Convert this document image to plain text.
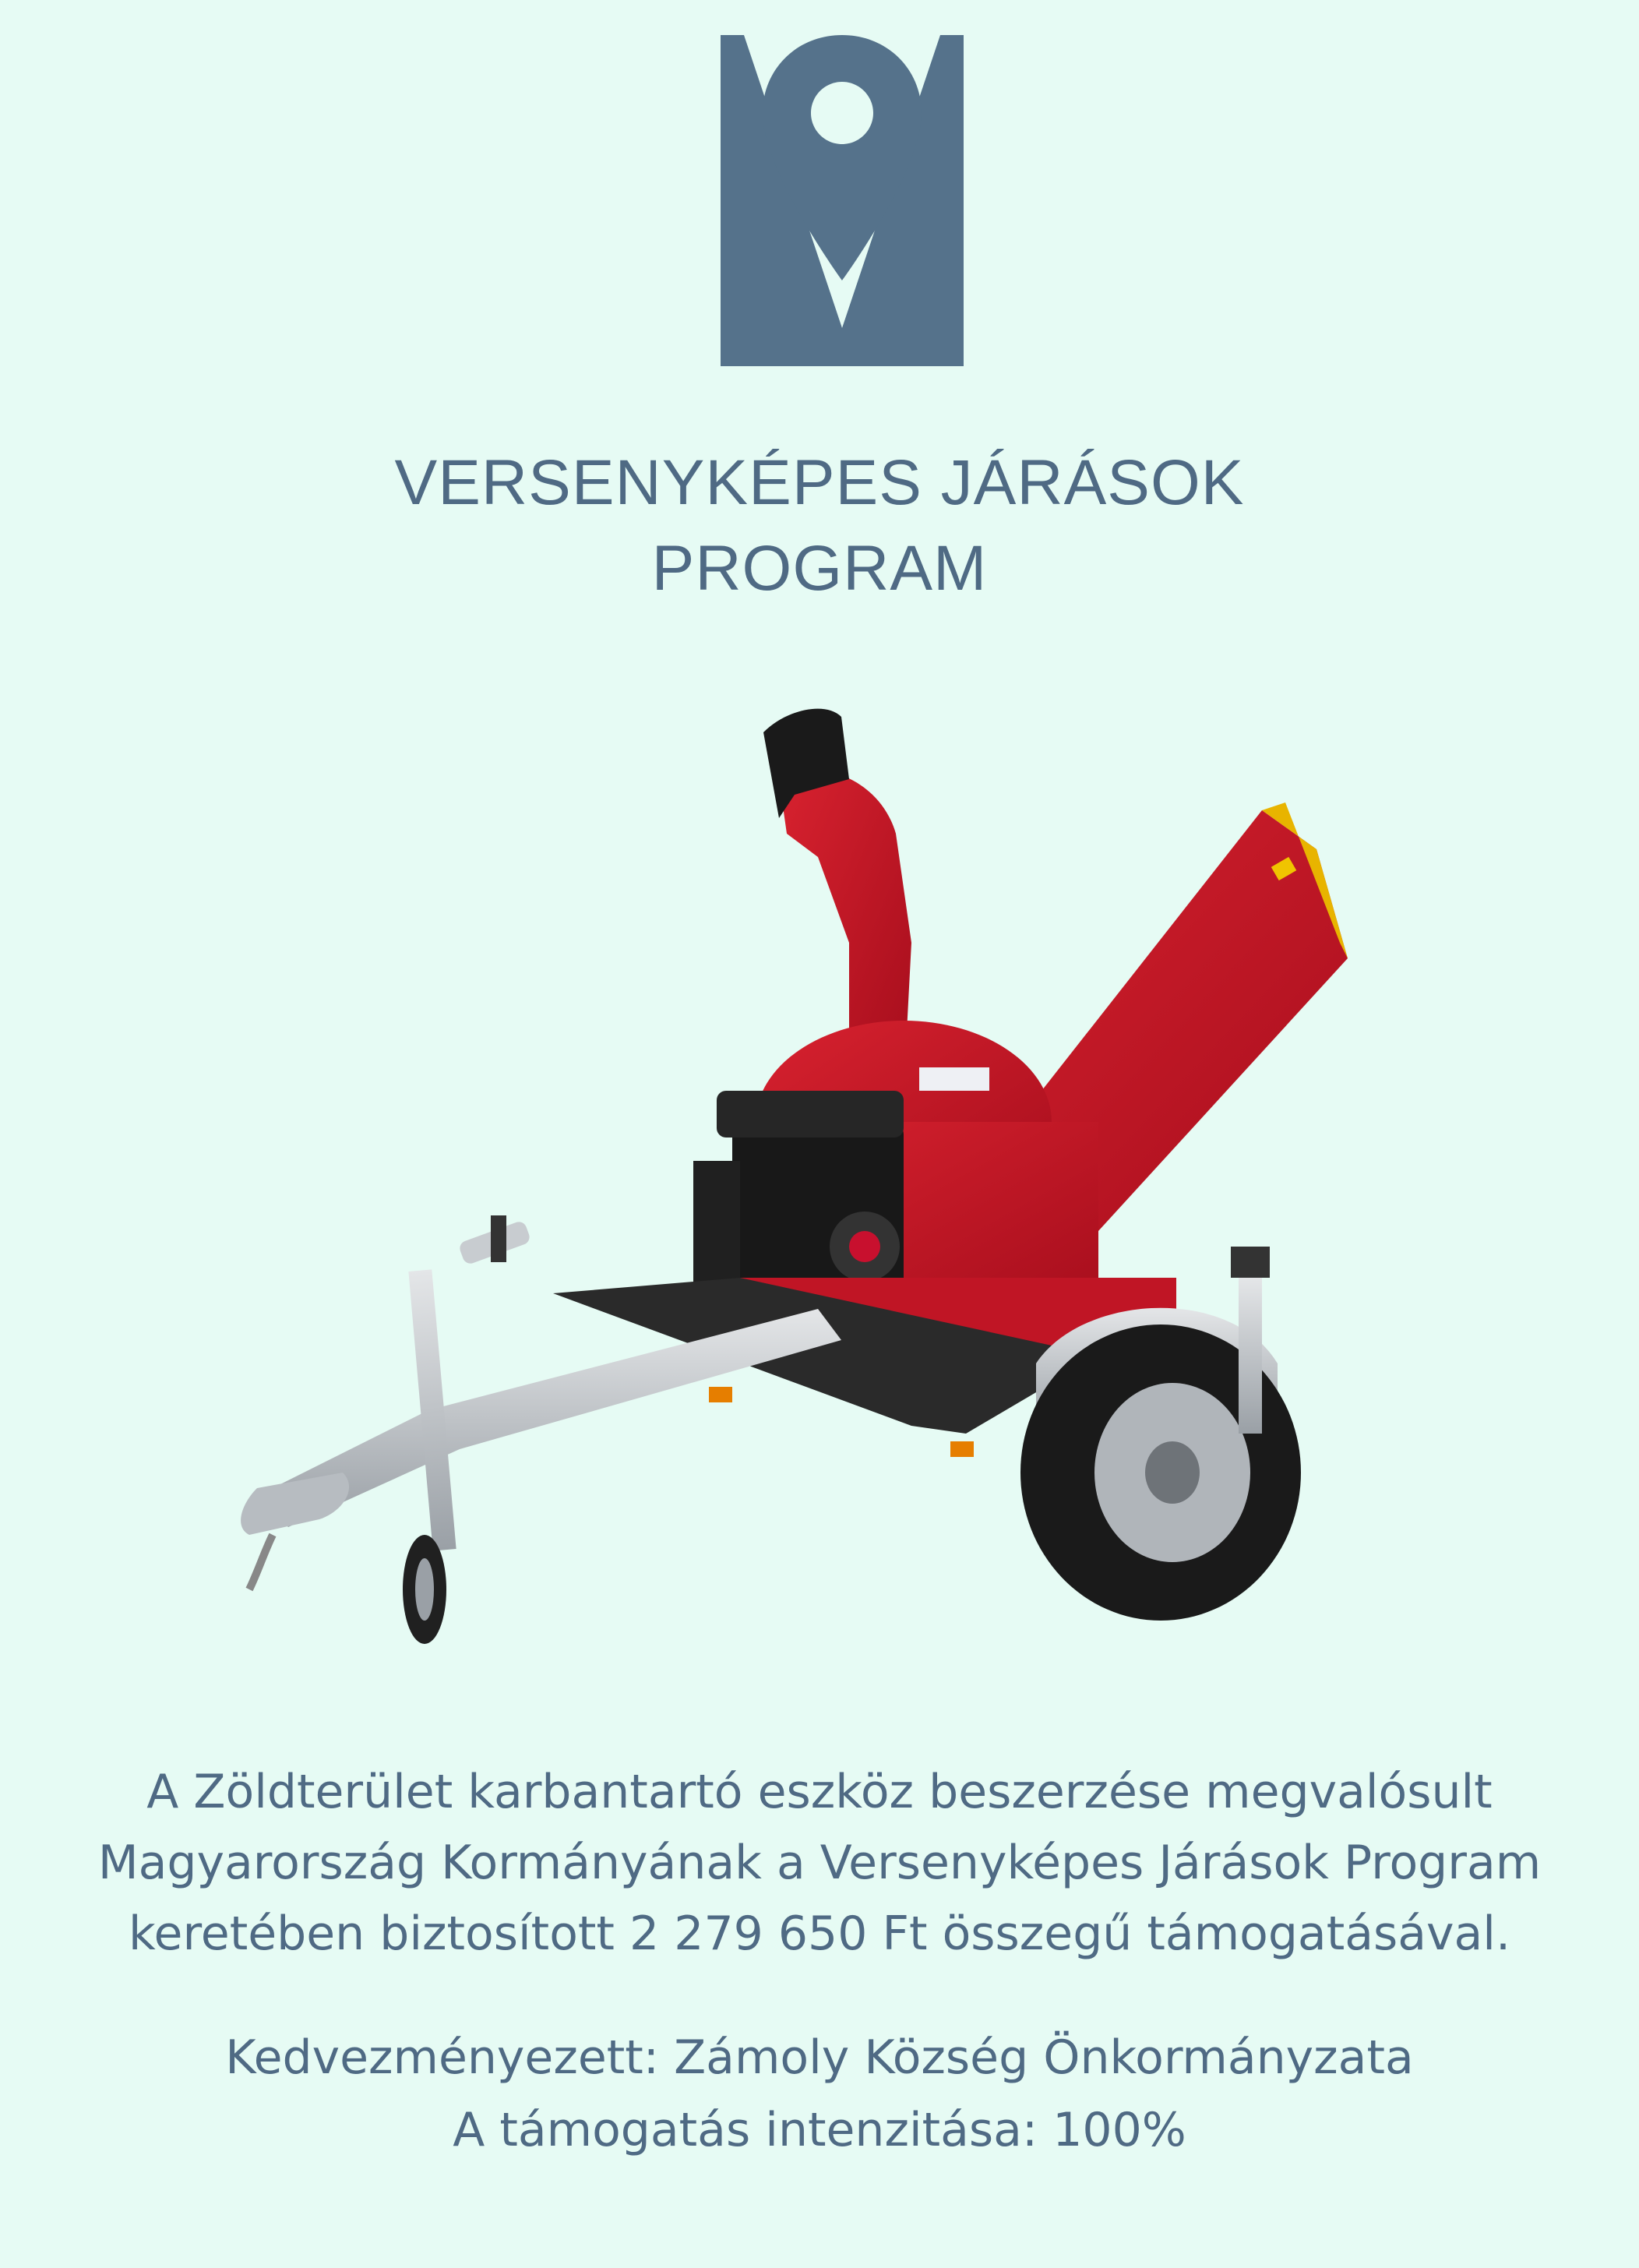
VERSENYKÉPES JÁRÁSOK
PROGRAM
A Zöldterület karbantartó eszköz beszerzése megvalósult
Magyarország Kormányának a Versenyképes Járások Program
keretében biztosított 2 279 650 Ft összegű támogatásával.
Kedvezményezett: Zámoly Község Önkormányzata
A támogatás intenzitása: 100%
